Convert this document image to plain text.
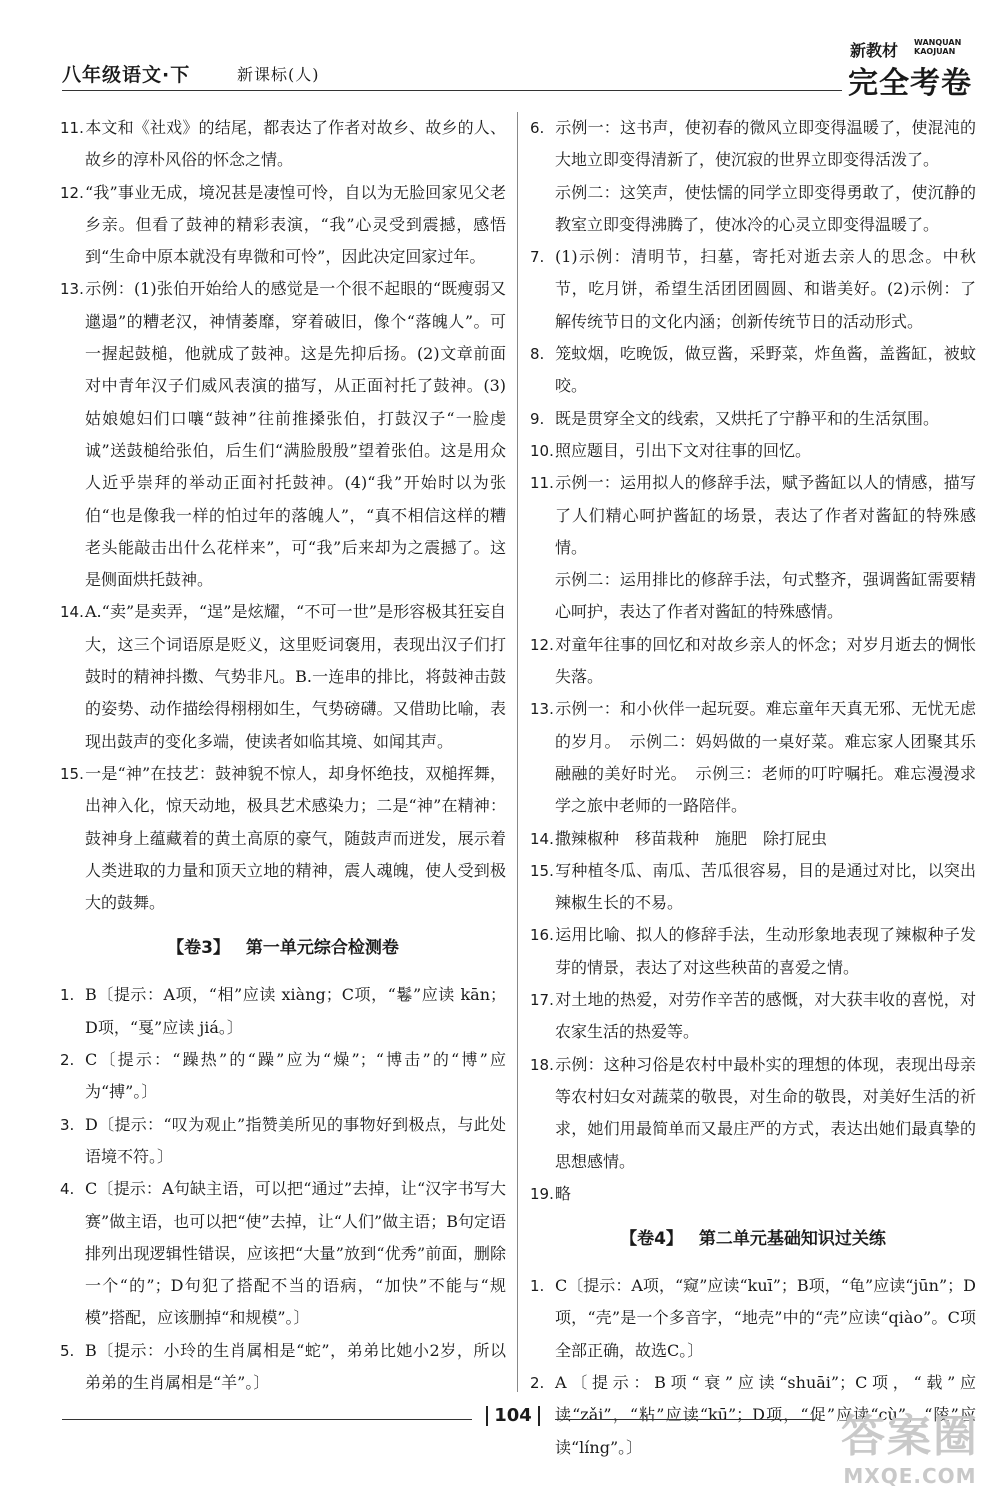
八年级语文·下	新课标(人)
新教材 WANQUAN
KAOJUAN
完全考卷

11.本文和《社戏》的结尾，都表达了作者对故乡、故乡的人、故乡的淳朴风俗的怀念之情。

12.“我”事业无成，境况甚是凄惶可怜，自以为无脸回家见父老乡亲。但看了鼓神的精彩表演，“我”心灵受到震撼，感悟到“生命中原本就没有卑微和可怜”，因此决定回家过年。

13.示例：(1)张伯开始给人的感觉是一个很不起眼的“既瘦弱又邋遢”的糟老汉，神情萎靡，穿着破旧，像个“落魄人”。可一握起鼓槌，他就成了鼓神。这是先抑后扬。(2)文章前面对中青年汉子们威风表演的描写，从正面衬托了鼓神。(3)姑娘媳妇们口嚷“鼓神”往前推搡张伯，打鼓汉子“一脸虔诚”送鼓槌给张伯，后生们“满脸殷殷”望着张伯。这是用众人近乎崇拜的举动正面衬托鼓神。(4)“我”开始时以为张伯“也是像我一样的怕过年的落魄人”，“真不相信这样的糟老头能敲击出什么花样来”，可“我”后来却为之震撼了。这是侧面烘托鼓神。

14.A.“卖”是卖弄，“逞”是炫耀，“不可一世”是形容极其狂妄自大，这三个词语原是贬义，这里贬词褒用，表现出汉子们打鼓时的精神抖擞、气势非凡。B.一连串的排比，将鼓神击鼓的姿势、动作描绘得栩栩如生，气势磅礴。又借助比喻，表现出鼓声的变化多端，使读者如临其境、如闻其声。

15.一是“神”在技艺：鼓神貌不惊人，却身怀绝技，双槌挥舞，出神入化，惊天动地，极具艺术感染力；二是“神”在精神：鼓神身上蕴藏着的黄土高原的豪气，随鼓声而迸发，展示着人类进取的力量和顶天立地的精神，震人魂魄，使人受到极大的鼓舞。

【卷3】 第一单元综合检测卷

1. B〔提示：A项，“相”应读 xiàng；C项，“鬈”应读 kān；D项，“戛”应读 jiá。〕

2. C〔提示：“躁热”的“躁”应为“燥”；“博击”的“博”应为“搏”。〕

3. D〔提示：“叹为观止”指赞美所见的事物好到极点，与此处语境不符。〕

4. C〔提示：A句缺主语，可以把“通过”去掉，让“汉字书写大赛”做主语，也可以把“使”去掉，让“人们”做主语；B句定语排列出现逻辑性错误，应该把“大量”放到“优秀”前面，删除一个“的”；D句犯了搭配不当的语病，“加快”不能与“规模”搭配，应该删掉“和规模”。〕

5. B〔提示：小玲的生肖属相是“蛇”，弟弟比她小2岁，所以弟弟的生肖属相是“羊”。〕

6. 示例一：这书声，使初春的微风立即变得温暖了，使混沌的大地立即变得清新了，使沉寂的世界立即变得活泼了。
示例二：这笑声，使怯懦的同学立即变得勇敢了，使沉静的教室立即变得沸腾了，使冰冷的心灵立即变得温暖了。

7. (1)示例：清明节，扫墓，寄托对逝去亲人的思念。中秋节，吃月饼，希望生活团团圆圆、和谐美好。(2)示例：了解传统节日的文化内涵；创新传统节日的活动形式。

8. 笼蚊烟，吃晚饭，做豆酱，采野菜，炸鱼酱，盖酱缸，被蚊咬。

9. 既是贯穿全文的线索，又烘托了宁静平和的生活氛围。

10.照应题目，引出下文对往事的回忆。

11.示例一：运用拟人的修辞手法，赋予酱缸以人的情感，描写了人们精心呵护酱缸的场景，表达了作者对酱缸的特殊感情。
示例二：运用排比的修辞手法，句式整齐，强调酱缸需要精心呵护，表达了作者对酱缸的特殊感情。

12.对童年往事的回忆和对故乡亲人的怀念；对岁月逝去的惆怅失落。

13.示例一：和小伙伴一起玩耍。难忘童年天真无邪、无忧无虑的岁月。　示例二：妈妈做的一桌好菜。难忘家人团聚其乐融融的美好时光。　示例三：老师的叮咛嘱托。难忘漫漫求学之旅中老师的一路陪伴。

14.撒辣椒种　移苗栽种　施肥　除打屁虫

15.写种植冬瓜、南瓜、苦瓜很容易，目的是通过对比，以突出辣椒生长的不易。

16.运用比喻、拟人的修辞手法，生动形象地表现了辣椒种子发芽的情景，表达了对这些秧苗的喜爱之情。

17.对土地的热爱，对劳作辛苦的感慨，对大获丰收的喜悦，对农家生活的热爱等。

18.示例：这种习俗是农村中最朴实的理想的体现，表现出母亲等农村妇女对蔬菜的敬畏，对生命的敬畏，对美好生活的祈求，她们用最简单而又最庄严的方式，表达出她们最真挚的思想感情。

19.略

【卷4】 第二单元基础知识过关练

1. C〔提示：A项，“窥”应读“kuī”；B项，“龟”应读“jūn”；D项，“壳”是一个多音字，“地壳”中的“壳”应读“qiào”。C项全部正确，故选C。〕

2. A〔提示：B项“衰”应读“shuāi”；C项，“载”应读“zǎi”，“粘”应读“kū”；D项，“促”应读“cù”，“陵”应读“líng”。〕

104	答案圈
MXQE.COM
